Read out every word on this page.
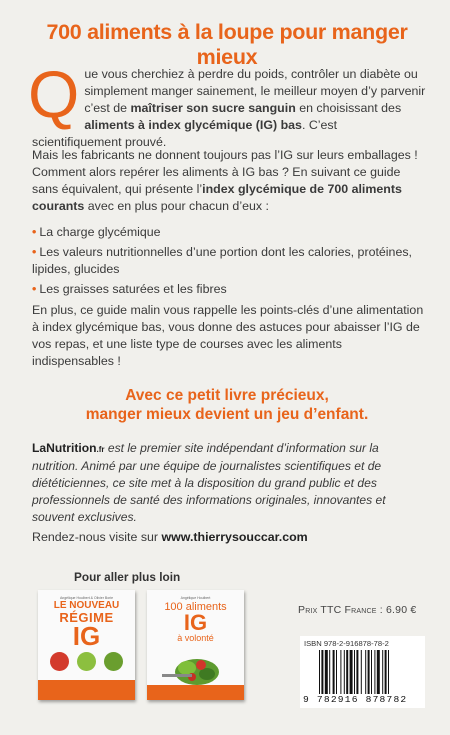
700 aliments à la loupe pour manger mieux
Que vous cherchiez à perdre du poids, contrôler un diabète ou simplement manger sainement, le meilleur moyen d’y parvenir c’est de maîtriser son sucre sanguin en choisissant des aliments à index glycémique (IG) bas. C’est scientifiquement prouvé.
Mais les fabricants ne donnent toujours pas l’IG sur leurs emballages ! Comment alors repérer les aliments à IG bas ? En suivant ce guide sans équivalent, qui présente l’index glycémique de 700 aliments courants avec en plus pour chacun d’eux :
• La charge glycémique
• Les valeurs nutritionnelles d’une portion dont les calories, protéines, lipides, glucides
• Les graisses saturées et les fibres
En plus, ce guide malin vous rappelle les points-clés d’une alimentation à index glycémique bas, vous donne des astuces pour abaisser l’IG de vos repas, et une liste type de courses avec les aliments indispensables !
Avec ce petit livre précieux,
manger mieux devient un jeu d’enfant.
LaNutrition.fr est le premier site indépendant d’information sur la nutrition. Animé par une équipe de journalistes scientifiques et de diététiciennes, ce site met à la disposition du grand public et des professionnels de santé des informations originales, innovantes et souvent exclusives.
Rendez-nous visite sur www.thierrysouccar.com
Pour aller plus loin
Angélique Houlbert & Olivier Borie
LE NOUVEAU
RÉGIME
IG
Angélique Houlbert
100 aliments
IG
à volonté
Prix TTC France : 6.90 €
ISBN 978-2-916878-78-2
9 782916 878782
